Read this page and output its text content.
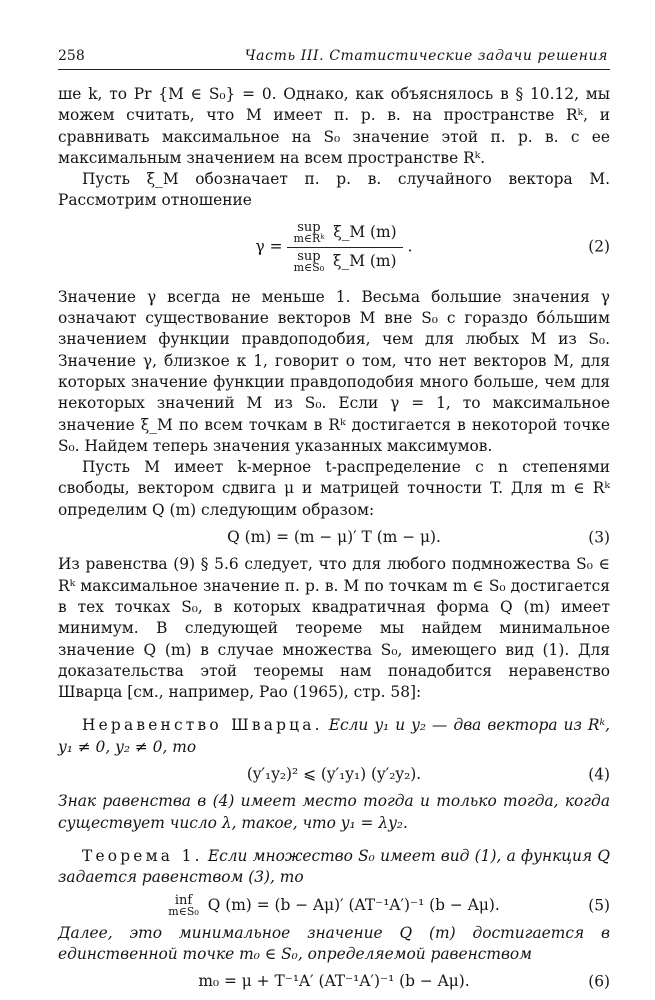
258	Часть III. Статистические задачи решения

ше k, то Pr {M ∈ S₀} = 0. Однако, как объяснялось в § 10.12, мы можем считать, что M имеет п. р. в. на пространстве Rᵏ, и сравнивать максимальное на S₀ значение этой п. р. в. с ее максимальным значением на всем пространстве Rᵏ.

Пусть ξ_M обозначает п. р. в. случайного вектора M. Рассмотрим отношение

γ = sup
m∈Rᵏ ξ_M (m)
sup
m∈S₀ ξ_M (m) .	(2)

Значение γ всегда не меньше 1. Весьма большие значения γ означают существование векторов M вне S₀ с гораздо бóльшим значением функции правдоподобия, чем для любых M из S₀. Значение γ, близкое к 1, говорит о том, что нет векторов M, для которых значение функции правдоподобия много больше, чем для некоторых значений M из S₀. Если γ = 1, то максимальное значение ξ_M по всем точкам в Rᵏ достигается в некоторой точке S₀. Найдем теперь значения указанных максимумов.

Пусть M имеет k-мерное t-распределение с n степенями свободы, вектором сдвига μ и матрицей точности T. Для m ∈ Rᵏ определим Q (m) следующим образом:

Q (m) = (m − μ)′ T (m − μ).	(3)

Из равенства (9) § 5.6 следует, что для любого подмножества S₀ ∈ Rᵏ максимальное значение п. р. в. M по точкам m ∈ S₀ достигается в тех точках S₀, в которых квадратичная форма Q (m) имеет минимум. В следующей теореме мы найдем минимальное значение Q (m) в случае множества S₀, имеющего вид (1). Для доказательства этой теоремы нам понадобится неравенство Шварца [см., например, Рао (1965), стр. 58]:

Неравенство Шварца. Если y₁ и y₂ — два вектора из Rᵏ, y₁ ≠ 0, y₂ ≠ 0, то

(y′₁y₂)² ⩽ (y′₁y₁) (y′₂y₂).	(4)

Знак равенства в (4) имеет место тогда и только тогда, когда существует число λ, такое, что y₁ = λy₂.

Теорема 1. Если множество S₀ имеет вид (1), а функция Q задается равенством (3), то

inf
m∈S₀ Q (m) = (b − Aμ)′ (AT⁻¹A′)⁻¹ (b − Aμ).	(5)

Далее, это минимальное значение Q (m) достигается в единственной точке m₀ ∈ S₀, определяемой равенством

m₀ = μ + T⁻¹A′ (AT⁻¹A′)⁻¹ (b − Aμ).	(6)
